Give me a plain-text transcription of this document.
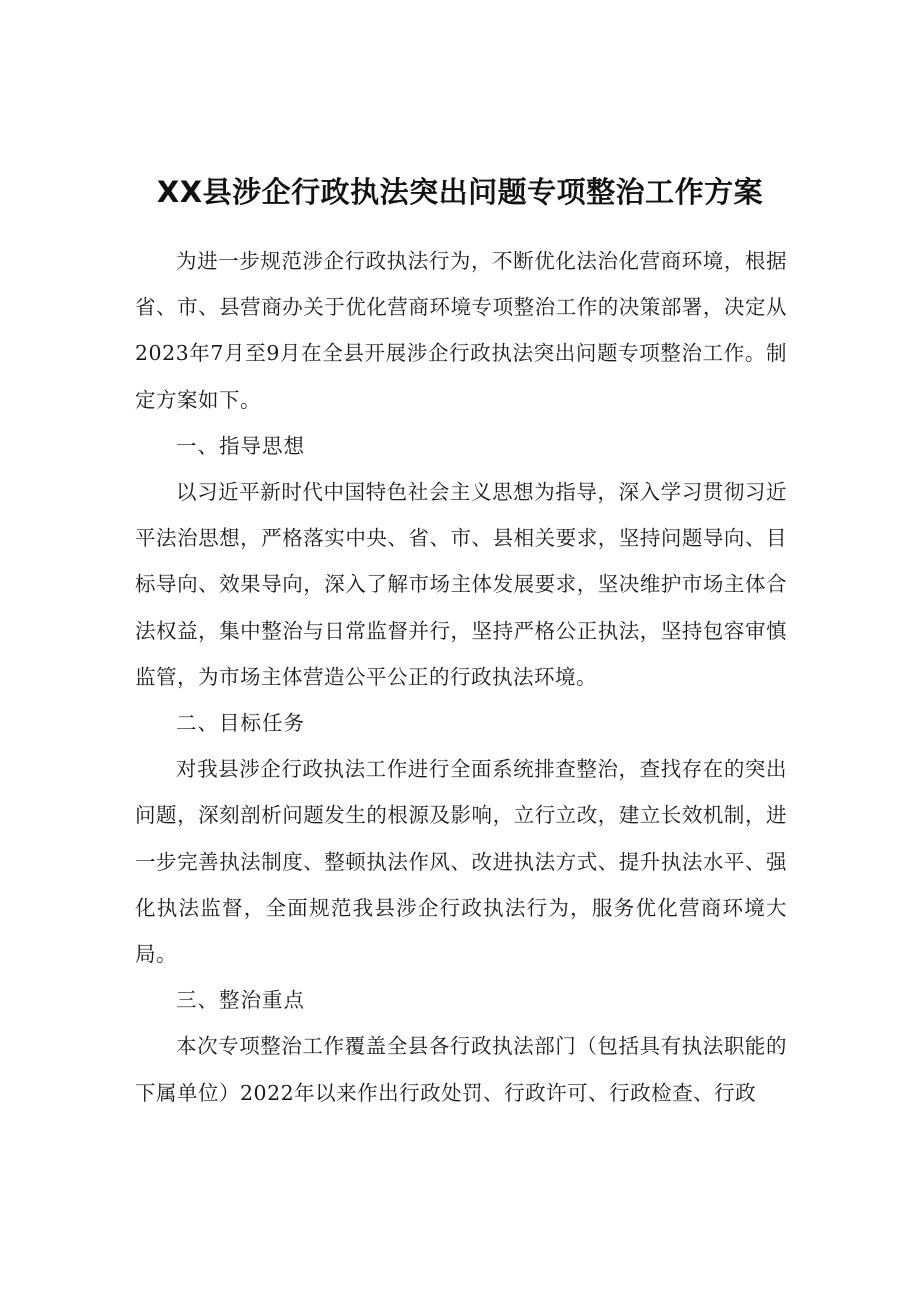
XX县涉企行政执法突出问题专项整治工作方案

为进一步规范涉企行政执法行为，不断优化法治化营商环境，根据省、市、县营商办关于优化营商环境专项整治工作的决策部署，决定从2023年7月至9月在全县开展涉企行政执法突出问题专项整治工作。制定方案如下。

一、指导思想

以习近平新时代中国特色社会主义思想为指导，深入学习贯彻习近平法治思想，严格落实中央、省、市、县相关要求，坚持问题导向、目标导向、效果导向，深入了解市场主体发展要求，坚决维护市场主体合法权益，集中整治与日常监督并行，坚持严格公正执法，坚持包容审慎监管，为市场主体营造公平公正的行政执法环境。

二、目标任务

对我县涉企行政执法工作进行全面系统排查整治，查找存在的突出问题，深刻剖析问题发生的根源及影响，立行立改，建立长效机制，进一步完善执法制度、整顿执法作风、改进执法方式、提升执法水平、强化执法监督，全面规范我县涉企行政执法行为，服务优化营商环境大局。

三、整治重点

本次专项整治工作覆盖全县各行政执法部门（包括具有执法职能的下属单位）2022年以来作出行政处罚、行政许可、行政检查、行政
